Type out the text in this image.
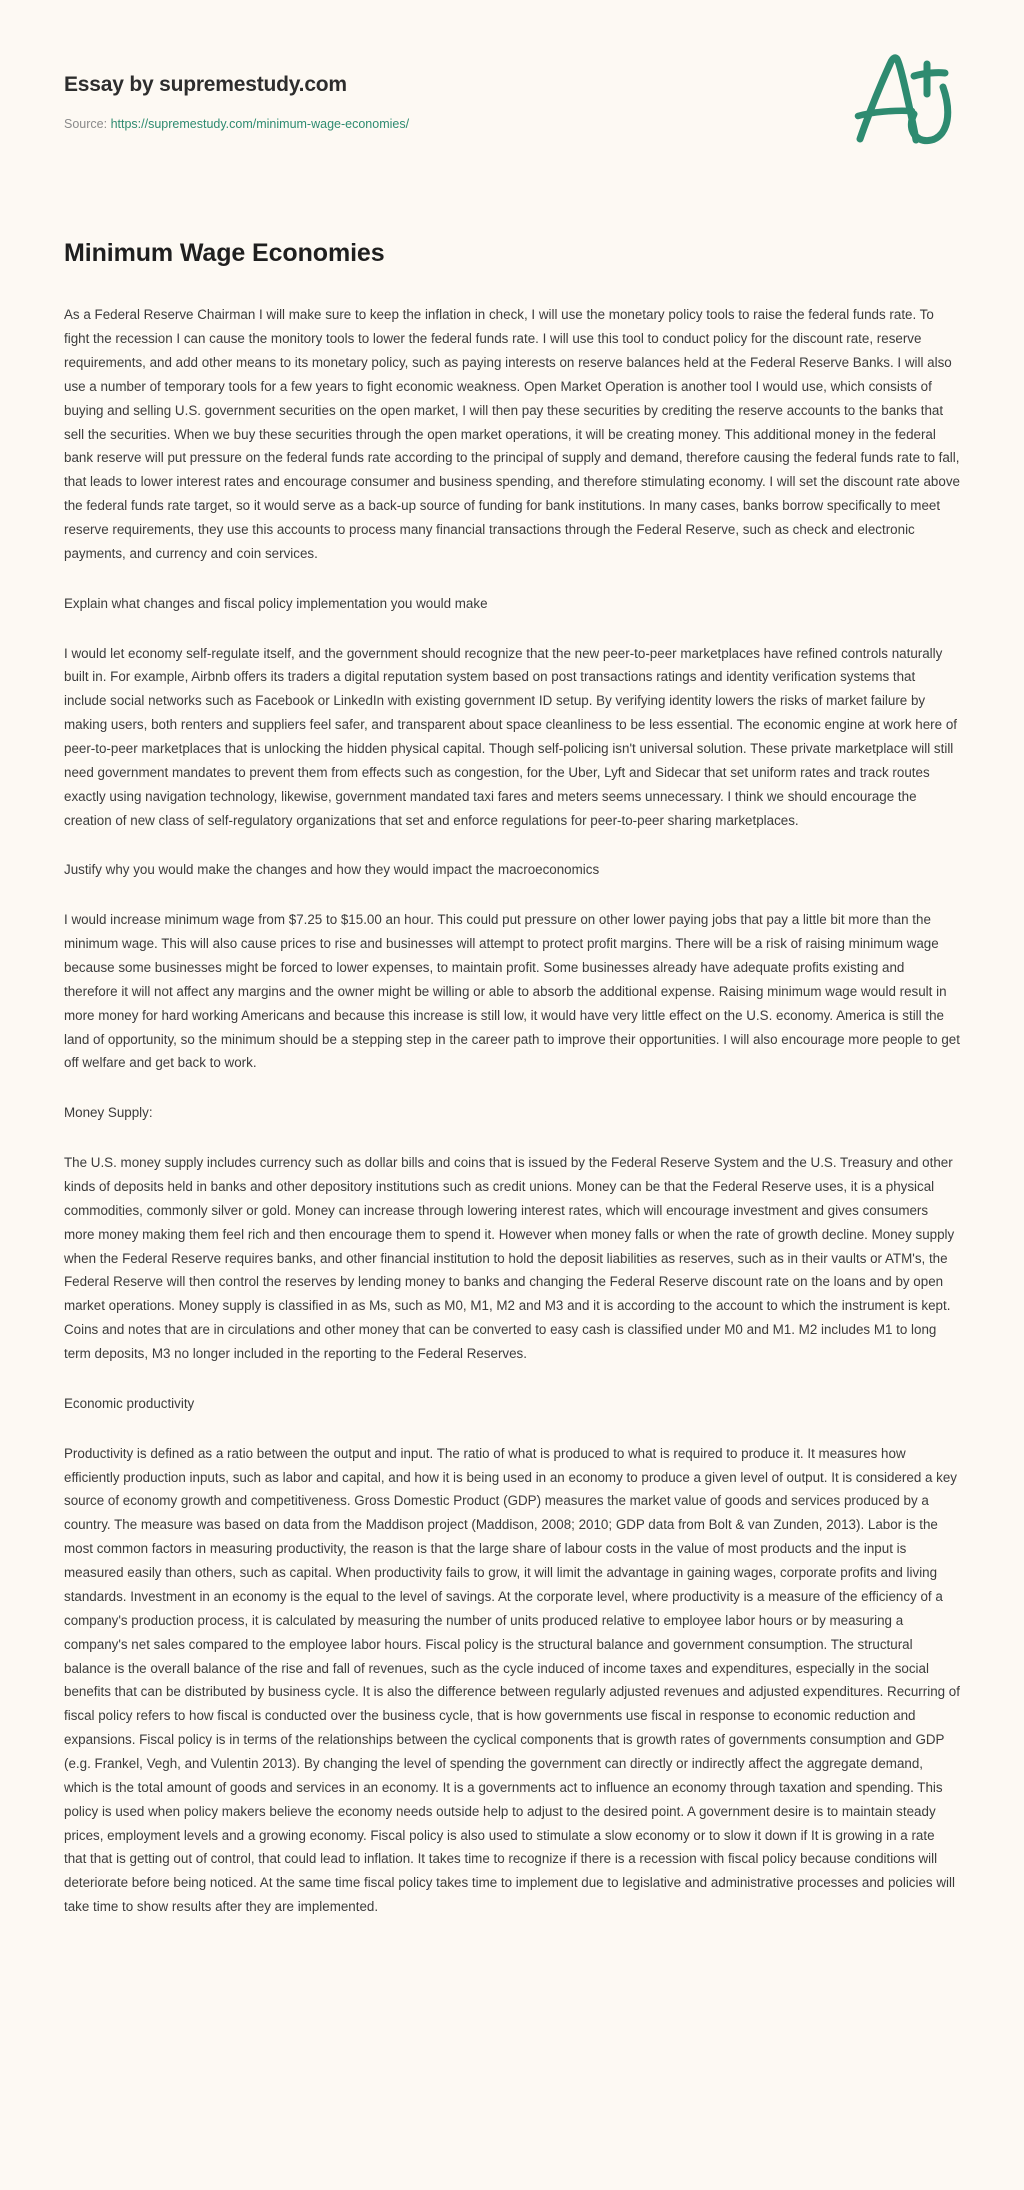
Essay by supremestudy.com
Source: https://supremestudy.com/minimum-wage-economies/
Minimum Wage Economies

As a Federal Reserve Chairman I will make sure to keep the inflation in check, I will use the monetary policy tools to raise the federal funds rate. To fight the recession I can cause the monitory tools to lower the federal funds rate. I will use this tool to conduct policy for the discount rate, reserve requirements, and add other means to its monetary policy, such as paying interests on reserve balances held at the Federal Reserve Banks. I will also use a number of temporary tools for a few years to fight economic weakness. Open Market Operation is another tool I would use, which consists of buying and selling U.S. government securities on the open market, I will then pay these securities by crediting the reserve accounts to the banks that sell the securities. When we buy these securities through the open market operations, it will be creating money. This additional money in the federal bank reserve will put pressure on the federal funds rate according to the principal of supply and demand, therefore causing the federal funds rate to fall, that leads to lower interest rates and encourage consumer and business spending, and therefore stimulating economy. I will set the discount rate above the federal funds rate target, so it would serve as a back-up source of funding for bank institutions. In many cases, banks borrow specifically to meet reserve requirements, they use this accounts to process many financial transactions through the Federal Reserve, such as check and electronic payments, and currency and coin services.

Explain what changes and fiscal policy implementation you would make

I would let economy self-regulate itself, and the government should recognize that the new peer-to-peer marketplaces have refined controls naturally built in. For example, Airbnb offers its traders a digital reputation system based on post transactions ratings and identity verification systems that include social networks such as Facebook or LinkedIn with existing government ID setup. By verifying identity lowers the risks of market failure by making users, both renters and suppliers feel safer, and transparent about space cleanliness to be less essential. The economic engine at work here of peer-to-peer marketplaces that is unlocking the hidden physical capital. Though self-policing isn't universal solution. These private marketplace will still need government mandates to prevent them from effects such as congestion, for the Uber, Lyft and Sidecar that set uniform rates and track routes exactly using navigation technology, likewise, government mandated taxi fares and meters seems unnecessary. I think we should encourage the creation of new class of self-regulatory organizations that set and enforce regulations for peer-to-peer sharing marketplaces.

Justify why you would make the changes and how they would impact the macroeconomics

I would increase minimum wage from $7.25 to $15.00 an hour. This could put pressure on other lower paying jobs that pay a little bit more than the minimum wage. This will also cause prices to rise and businesses will attempt to protect profit margins. There will be a risk of raising minimum wage because some businesses might be forced to lower expenses, to maintain profit. Some businesses already have adequate profits existing and therefore it will not affect any margins and the owner might be willing or able to absorb the additional expense. Raising minimum wage would result in more money for hard working Americans and because this increase is still low, it would have very little effect on the U.S. economy. America is still the land of opportunity, so the minimum should be a stepping step in the career path to improve their opportunities. I will also encourage more people to get off welfare and get back to work.

Money Supply:

The U.S. money supply includes currency such as dollar bills and coins that is issued by the Federal Reserve System and the U.S. Treasury and other kinds of deposits held in banks and other depository institutions such as credit unions. Money can be that the Federal Reserve uses, it is a physical commodities, commonly silver or gold. Money can increase through lowering interest rates, which will encourage investment and gives consumers more money making them feel rich and then encourage them to spend it. However when money falls or when the rate of growth decline. Money supply when the Federal Reserve requires banks, and other financial institution to hold the deposit liabilities as reserves, such as in their vaults or ATM's, the Federal Reserve will then control the reserves by lending money to banks and changing the Federal Reserve discount rate on the loans and by open market operations. Money supply is classified in as Ms, such as M0, M1, M2 and M3 and it is according to the account to which the instrument is kept. Coins and notes that are in circulations and other money that can be converted to easy cash is classified under M0 and M1. M2 includes M1 to long term deposits, M3 no longer included in the reporting to the Federal Reserves.

Economic productivity

Productivity is defined as a ratio between the output and input. The ratio of what is produced to what is required to produce it. It measures how efficiently production inputs, such as labor and capital, and how it is being used in an economy to produce a given level of output. It is considered a key source of economy growth and competitiveness. Gross Domestic Product (GDP) measures the market value of goods and services produced by a country. The measure was based on data from the Maddison project (Maddison, 2008; 2010; GDP data from Bolt & van Zunden, 2013). Labor is the most common factors in measuring productivity, the reason is that the large share of labour costs in the value of most products and the input is measured easily than others, such as capital. When productivity fails to grow, it will limit the advantage in gaining wages, corporate profits and living standards. Investment in an economy is the equal to the level of savings. At the corporate level, where productivity is a measure of the efficiency of a company's production process, it is calculated by measuring the number of units produced relative to employee labor hours or by measuring a company's net sales compared to the employee labor hours. Fiscal policy is the structural balance and government consumption. The structural balance is the overall balance of the rise and fall of revenues, such as the cycle induced of income taxes and expenditures, especially in the social benefits that can be distributed by business cycle. It is also the difference between regularly adjusted revenues and adjusted expenditures. Recurring of fiscal policy refers to how fiscal is conducted over the business cycle, that is how governments use fiscal in response to economic reduction and expansions. Fiscal policy is in terms of the relationships between the cyclical components that is growth rates of governments consumption and GDP (e.g. Frankel, Vegh, and Vulentin 2013). By changing the level of spending the government can directly or indirectly affect the aggregate demand, which is the total amount of goods and services in an economy. It is a governments act to influence an economy through taxation and spending. This policy is used when policy makers believe the economy needs outside help to adjust to the desired point. A government desire is to maintain steady prices, employment levels and a growing economy. Fiscal policy is also used to stimulate a slow economy or to slow it down if It is growing in a rate that that is getting out of control, that could lead to inflation. It takes time to recognize if there is a recession with fiscal policy because conditions will deteriorate before being noticed. At the same time fiscal policy takes time to implement due to legislative and administrative processes and policies will take time to show results after they are implemented.
